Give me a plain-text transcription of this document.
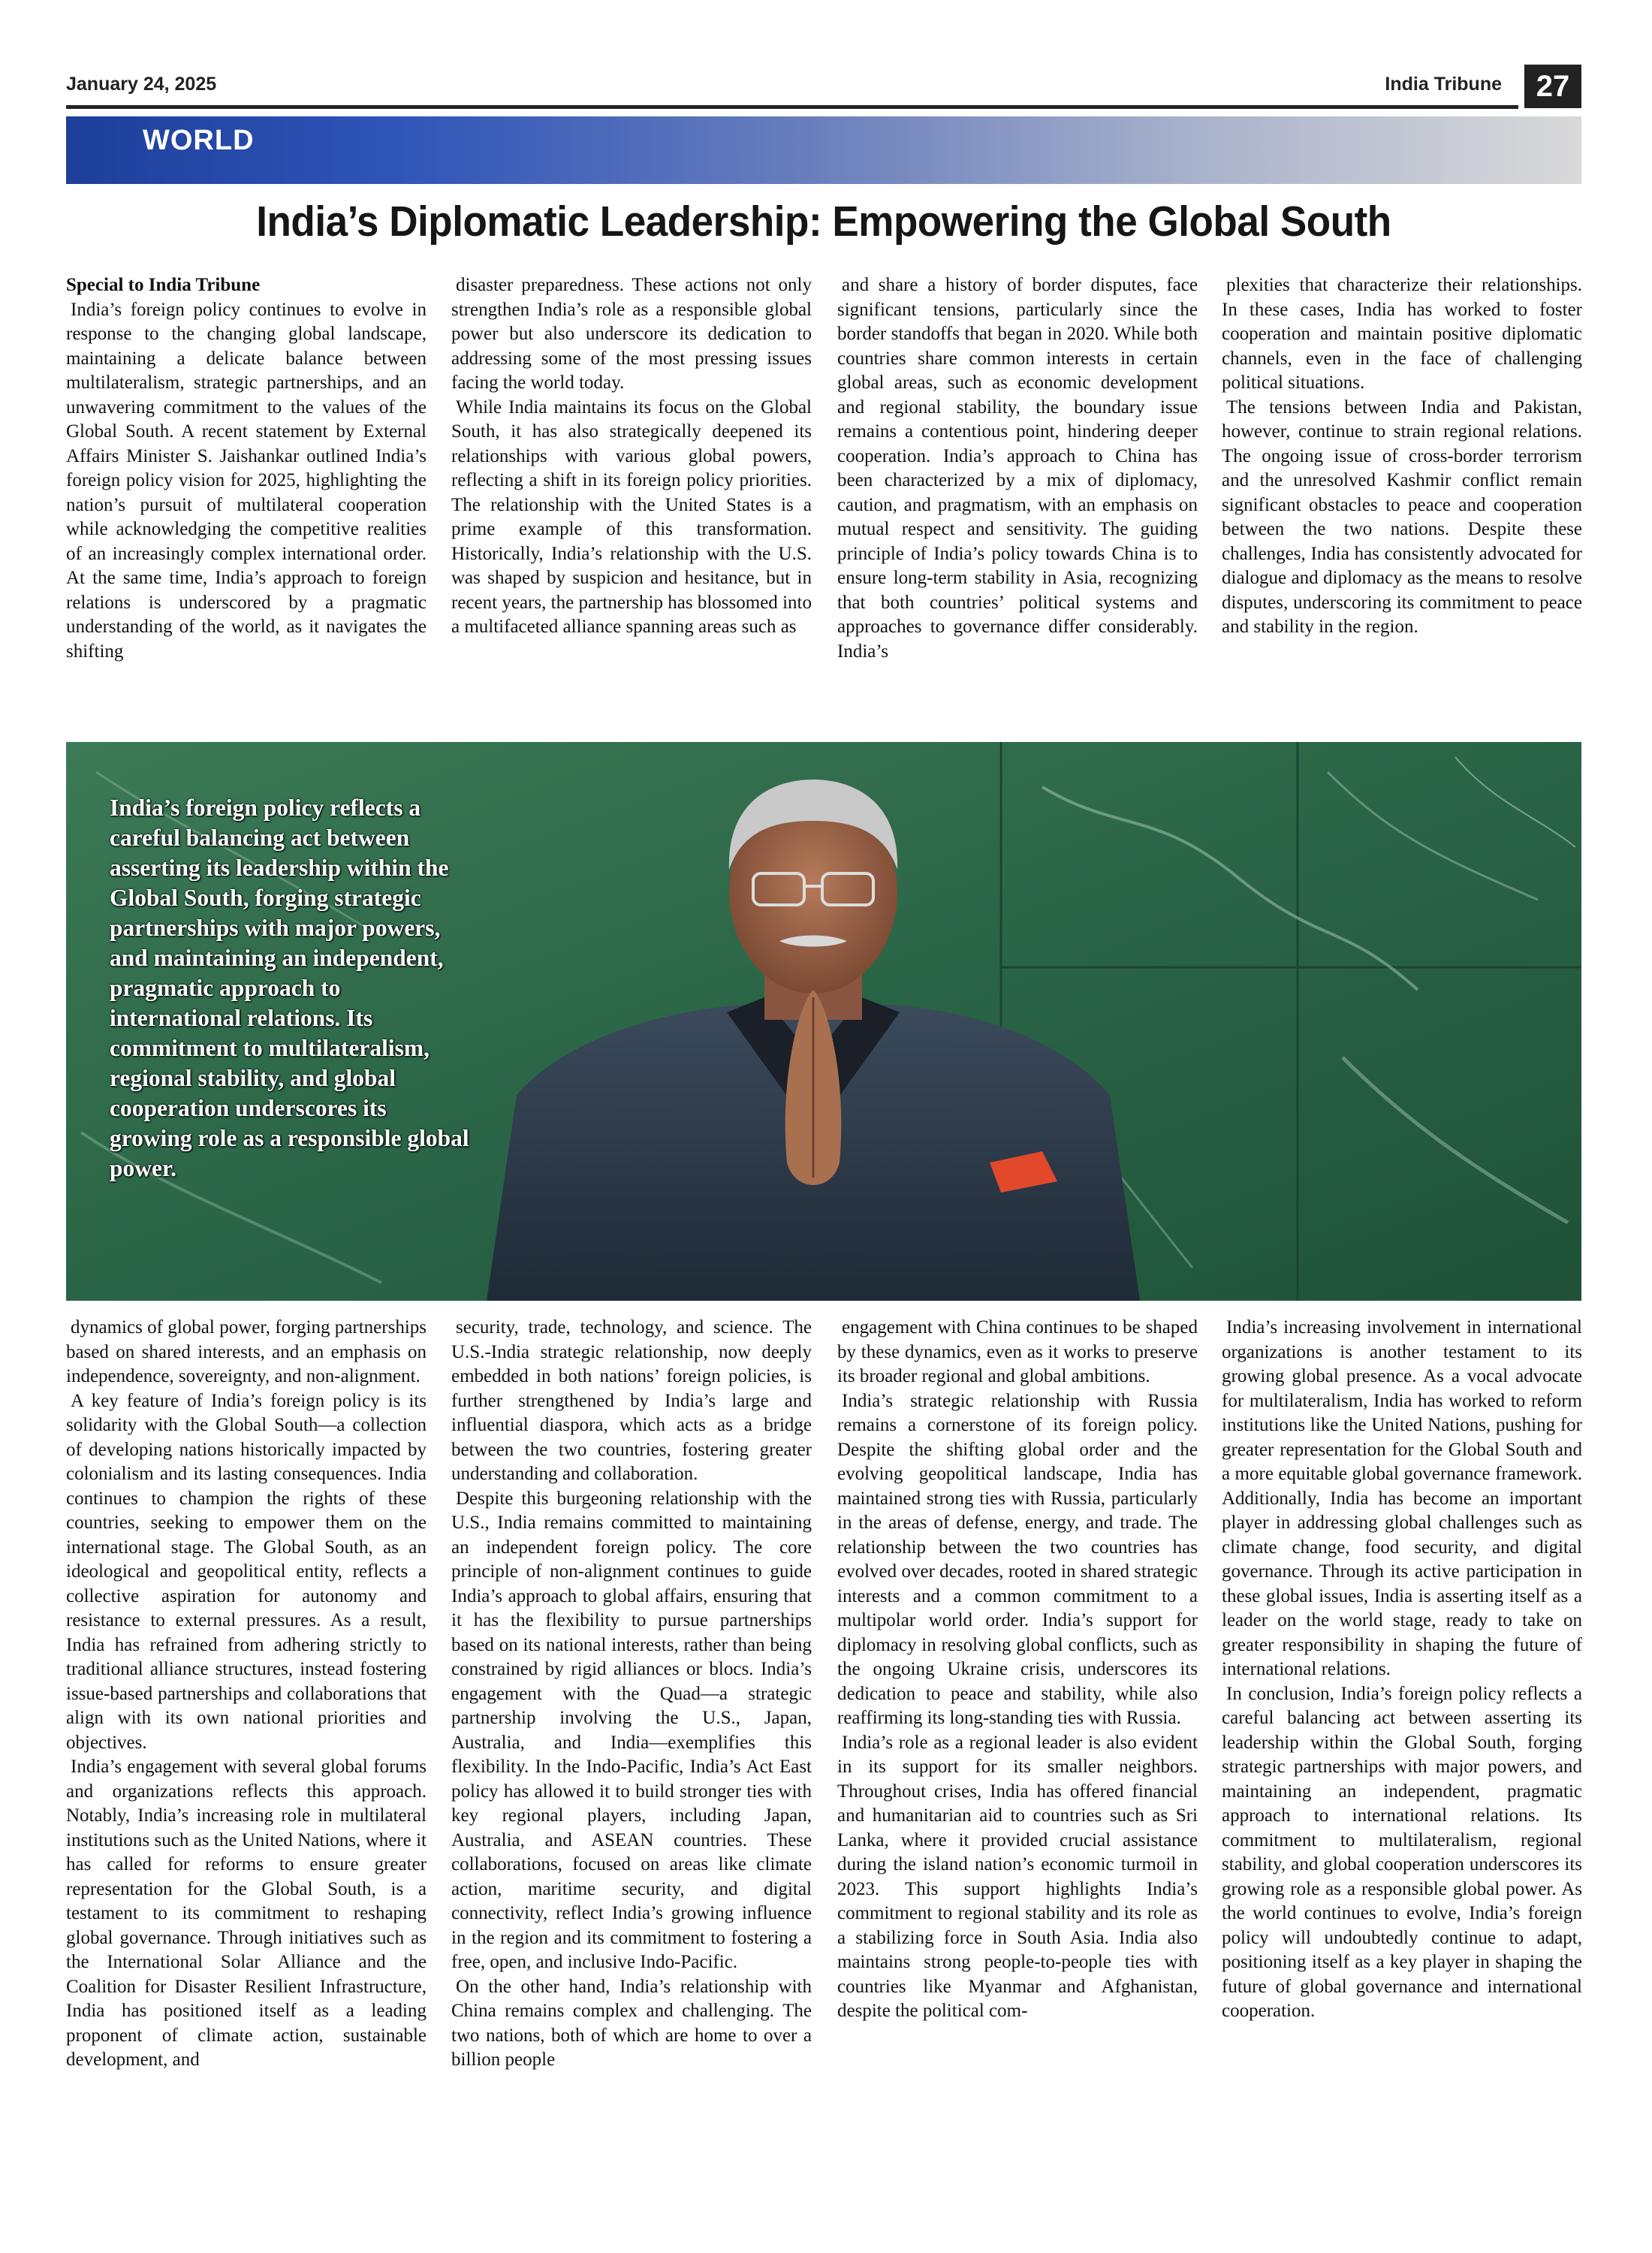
January 24, 2025	India Tribune	27
WORLD
India’s Diplomatic Leadership: Empowering the Global South
Special to India Tribune

India’s foreign policy continues to evolve in response to the changing global landscape, maintaining a delicate balance between multilateralism, strategic partnerships, and an unwavering commitment to the values of the Global South. A recent statement by External Affairs Minister S. Jaishankar outlined India’s foreign policy vision for 2025, highlighting the nation’s pursuit of multilateral cooperation while acknowledging the competitive realities of an increasingly complex international order. At the same time, India’s approach to foreign relations is underscored by a pragmatic understanding of the world, as it navigates the shifting

disaster preparedness. These actions not only strengthen India’s role as a responsible global power but also underscore its dedication to addressing some of the most pressing issues facing the world today.

While India maintains its focus on the Global South, it has also strategically deepened its relationships with various global powers, reflecting a shift in its foreign policy priorities. The relationship with the United States is a prime example of this transformation. Historically, India’s relationship with the U.S. was shaped by suspicion and hesitance, but in recent years, the partnership has blossomed into a multifaceted alliance spanning areas such as

and share a history of border disputes, face significant tensions, particularly since the border standoffs that began in 2020. While both countries share common interests in certain global areas, such as economic development and regional stability, the boundary issue remains a contentious point, hindering deeper cooperation. India’s approach to China has been characterized by a mix of diplomacy, caution, and pragmatism, with an emphasis on mutual respect and sensitivity. The guiding principle of India’s policy towards China is to ensure long-term stability in Asia, recognizing that both countries’ political systems and approaches to governance differ considerably. India’s

plexities that characterize their relationships. In these cases, India has worked to foster cooperation and maintain positive diplomatic channels, even in the face of challenging political situations.

The tensions between India and Pakistan, however, continue to strain regional relations. The ongoing issue of cross-border terrorism and the unresolved Kashmir conflict remain significant obstacles to peace and cooperation between the two nations. Despite these challenges, India has consistently advocated for dialogue and diplomacy as the means to resolve disputes, underscoring its commitment to peace and stability in the region.

India’s foreign policy reflects a careful balancing act between asserting its leadership within the Global South, forging strategic partnerships with major powers, and maintaining an independent, pragmatic approach to international relations. Its commitment to multilateralism, regional stability, and global cooperation underscores its growing role as a responsible global power.

dynamics of global power, forging partnerships based on shared interests, and an emphasis on independence, sovereignty, and non-alignment.

A key feature of India’s foreign policy is its solidarity with the Global South—a collection of developing nations historically impacted by colonialism and its lasting consequences. India continues to champion the rights of these countries, seeking to empower them on the international stage. The Global South, as an ideological and geopolitical entity, reflects a collective aspiration for autonomy and resistance to external pressures. As a result, India has refrained from adhering strictly to traditional alliance structures, instead fostering issue-based partnerships and collaborations that align with its own national priorities and objectives.

India’s engagement with several global forums and organizations reflects this approach. Notably, India’s increasing role in multilateral institutions such as the United Nations, where it has called for reforms to ensure greater representation for the Global South, is a testament to its commitment to reshaping global governance. Through initiatives such as the International Solar Alliance and the Coalition for Disaster Resilient Infrastructure, India has positioned itself as a leading proponent of climate action, sustainable development, and

security, trade, technology, and science. The U.S.-India strategic relationship, now deeply embedded in both nations’ foreign policies, is further strengthened by India’s large and influential diaspora, which acts as a bridge between the two countries, fostering greater understanding and collaboration.

Despite this burgeoning relationship with the U.S., India remains committed to maintaining an independent foreign policy. The core principle of non-alignment continues to guide India’s approach to global affairs, ensuring that it has the flexibility to pursue partnerships based on its national interests, rather than being constrained by rigid alliances or blocs. India’s engagement with the Quad—a strategic partnership involving the U.S., Japan, Australia, and India—exemplifies this flexibility. In the Indo-Pacific, India’s Act East policy has allowed it to build stronger ties with key regional players, including Japan, Australia, and ASEAN countries. These collaborations, focused on areas like climate action, maritime security, and digital connectivity, reflect India’s growing influence in the region and its commitment to fostering a free, open, and inclusive Indo-Pacific.

On the other hand, India’s relationship with China remains complex and challenging. The two nations, both of which are home to over a billion people

engagement with China continues to be shaped by these dynamics, even as it works to preserve its broader regional and global ambitions.

India’s strategic relationship with Russia remains a cornerstone of its foreign policy. Despite the shifting global order and the evolving geopolitical landscape, India has maintained strong ties with Russia, particularly in the areas of defense, energy, and trade. The relationship between the two countries has evolved over decades, rooted in shared strategic interests and a common commitment to a multipolar world order. India’s support for diplomacy in resolving global conflicts, such as the ongoing Ukraine crisis, underscores its dedication to peace and stability, while also reaffirming its long-standing ties with Russia.

India’s role as a regional leader is also evident in its support for its smaller neighbors. Throughout crises, India has offered financial and humanitarian aid to countries such as Sri Lanka, where it provided crucial assistance during the island nation’s economic turmoil in 2023. This support highlights India’s commitment to regional stability and its role as a stabilizing force in South Asia. India also maintains strong people-to-people ties with countries like Myanmar and Afghanistan, despite the political com-

India’s increasing involvement in international organizations is another testament to its growing global presence. As a vocal advocate for multilateralism, India has worked to reform institutions like the United Nations, pushing for greater representation for the Global South and a more equitable global governance framework. Additionally, India has become an important player in addressing global challenges such as climate change, food security, and digital governance. Through its active participation in these global issues, India is asserting itself as a leader on the world stage, ready to take on greater responsibility in shaping the future of international relations.

In conclusion, India’s foreign policy reflects a careful balancing act between asserting its leadership within the Global South, forging strategic partnerships with major powers, and maintaining an independent, pragmatic approach to international relations. Its commitment to multilateralism, regional stability, and global cooperation underscores its growing role as a responsible global power. As the world continues to evolve, India’s foreign policy will undoubtedly continue to adapt, positioning itself as a key player in shaping the future of global governance and international cooperation.
